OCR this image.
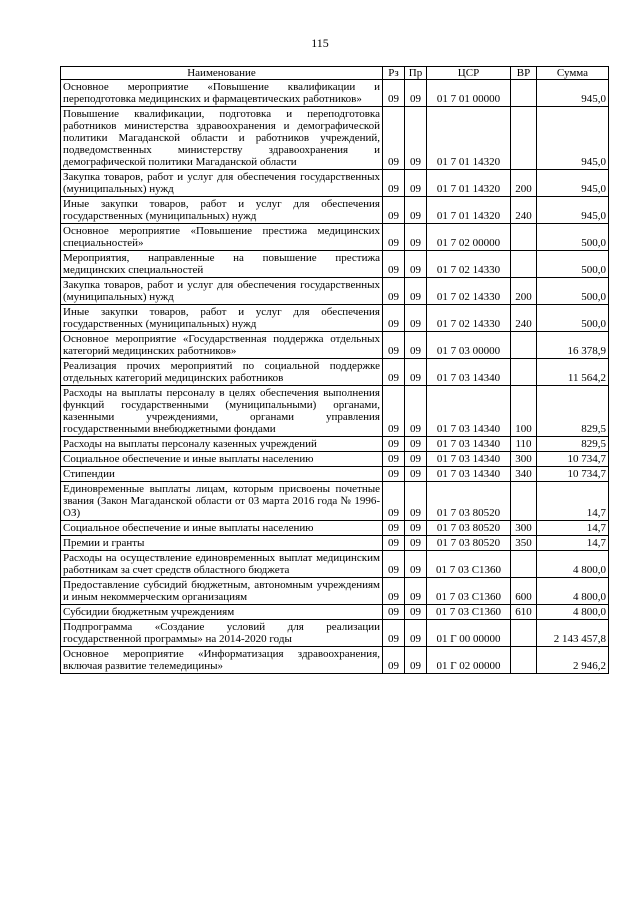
115
Наименование	Рз	Пр	ЦСР	ВР	Сумма
Основное мероприятие «Повышение квалификации и переподготовка медицинских и фармацевтических работников»	09	09	01 7 01 00000		945,0
Повышение квалификации, подготовка и переподготовка работников министерства здравоохранения и демографической политики Магаданской области и работников учреждений, подведомственных министерству здравоохранения и демографической политики Магаданской области	09	09	01 7 01 14320		945,0
Закупка товаров, работ и услуг для обеспечения государственных (муниципальных) нужд	09	09	01 7 01 14320	200	945,0
Иные закупки товаров, работ и услуг для обеспечения государственных (муниципальных) нужд	09	09	01 7 01 14320	240	945,0
Основное мероприятие «Повышение престижа медицинских специальностей»	09	09	01 7 02 00000		500,0
Мероприятия, направленные на повышение престижа медицинских специальностей	09	09	01 7 02 14330		500,0
Закупка товаров, работ и услуг для обеспечения государственных (муниципальных) нужд	09	09	01 7 02 14330	200	500,0
Иные закупки товаров, работ и услуг для обеспечения государственных (муниципальных) нужд	09	09	01 7 02 14330	240	500,0
Основное мероприятие «Государственная поддержка отдельных категорий медицинских работников»	09	09	01 7 03 00000		16 378,9
Реализация прочих мероприятий по социальной поддержке отдельных категорий медицинских работников	09	09	01 7 03 14340		11 564,2
Расходы на выплаты персоналу в целях обеспечения выполнения функций государственными (муниципальными) органами, казенными учреждениями, органами управления государственными внебюджетными фондами	09	09	01 7 03 14340	100	829,5
Расходы на выплаты персоналу казенных учреждений	09	09	01 7 03 14340	110	829,5
Социальное обеспечение и иные выплаты населению	09	09	01 7 03 14340	300	10 734,7
Стипендии	09	09	01 7 03 14340	340	10 734,7
Единовременные выплаты лицам, которым присвоены почетные звания (Закон Магаданской области от 03 марта 2016 года № 1996-ОЗ)	09	09	01 7 03 80520		14,7
Социальное обеспечение и иные выплаты населению	09	09	01 7 03 80520	300	14,7
Премии и гранты	09	09	01 7 03 80520	350	14,7
Расходы на осуществление единовременных выплат медицинским работникам за счет средств областного бюджета	09	09	01 7 03 С1360		4 800,0
Предоставление субсидий бюджетным, автономным учреждениям и иным некоммерческим организациям	09	09	01 7 03 С1360	600	4 800,0
Субсидии бюджетным учреждениям	09	09	01 7 03 С1360	610	4 800,0
Подпрограмма «Создание условий для реализации государственной программы» на 2014-2020 годы	09	09	01 Г 00 00000		2 143 457,8
Основное мероприятие «Информатизация здравоохранения, включая развитие телемедицины»	09	09	01 Г 02 00000		2 946,2
